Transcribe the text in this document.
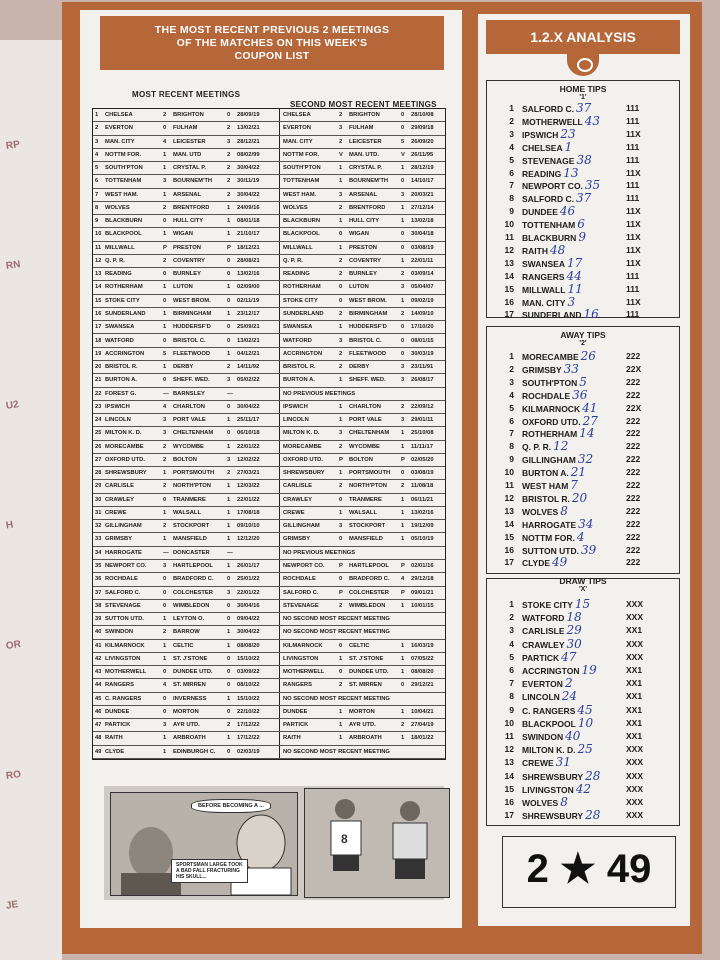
RP
RN
U2
H
OR
RO
JE
THE MOST RECENT PREVIOUS 2 MEETINGS
OF THE MATCHES ON THIS WEEK'S
COUPON LIST
MOST RECENT MEETINGS
SECOND MOST RECENT MEETINGS
1 CHELSEA	2 BRIGHTON	0 28/09/19	CHELSEA	2 BRIGHTON	0 28/10/08
2 EVERTON	0 FULHAM	2 13/02/21	EVERTON	3 FULHAM	0 29/09/18
3 MAN. CITY	4 LEICESTER	3 28/12/21	MAN. CITY	2 LEICESTER	5 26/09/20
4 NOTTM FOR.	1 MAN. UTD	2 08/02/99	NOTTM FOR.	V MAN. UTD.	V 26/11/95
5 SOUTH'PTON	1 CRYSTAL P.	2 30/04/22	SOUTH'PTON	1 CRYSTAL P.	1 28/12/19
6 TOTTENHAM	3 BOURNEM'TH	2 30/11/19	TOTTENHAM	1 BOURNEM'TH 0 14/10/17
7 WEST HAM.	1 ARSENAL	2 30/04/22	WEST HAM.	3 ARSENAL	3 20/03/21
8 WOLVES	2 BRENTFORD	1 24/09/16	WOLVES	2 BRENTFORD	1 27/12/14
9 BLACKBURN	0 HULL CITY	1 08/01/18	BLACKBURN	1 HULL CITY	1 13/02/18
10 BLACKPOOL	1 WIGAN	1 21/10/17	BLACKPOOL	0 WIGAN	0 30/04/18
11 MILLWALL	P PRESTON	P 18/12/21	MILLWALL	1 PRESTON	0 03/08/19
12 Q. P. R.	2 COVENTRY	0 28/08/21	Q. P. R.	2 COVENTRY	1 22/01/11
13 READING	0 BURNLEY	0 13/02/16	READING	2 BURNLEY	2 03/09/14
14 ROTHERHAM	1 LUTON	1 02/09/00	ROTHERHAM	0 LUTON	3 05/04/07
15 STOKE CITY	0 WEST BROM.	0 02/11/19	STOKE CITY	0 WEST BROM. 1 09/02/19
16 SUNDERLAND	1 BIRMINGHAM	1 23/12/17	SUNDERLAND	2 BIRMINGHAM 2 14/09/10
17 SWANSEA	1 HUDDERSF'D	0 25/09/21	SWANSEA	1 HUDDERSF'D 0 17/10/20
18 WATFORD	0 BRISTOL C.	0 13/02/21	WATFORD	3 BRISTOL C.	0 08/01/15
19 ACCRINGTON	5 FLEETWOOD	1 04/12/21	ACCRINGTON	2 FLEETWOOD	0 30/03/19
20 BRISTOL R.	1 DERBY	2 14/11/92	BRISTOL R.	2 DERBY	3 23/11/91
21 BURTON A.	0 SHEFF. WED.	3 05/02/22	BURTON A.	1 SHEFF. WED.	3 26/08/17
22 FOREST G.	— BARNSLEY	—	NO PREVIOUS MEETINGS
23 IPSWICH	4 CHARLTON	0 30/04/22	IPSWICH	1 CHARLTON	2 22/09/12
24 LINCOLN	3 PORT VALE	1 25/11/17	LINCOLN	1 PORT VALE	3 29/01/11
25 MILTON K. D.	3 CHELTENHAM 0 06/10/18	MILTON K. D.	3 CHELTENHAM 1 25/10/08
26 MORECAMBE	2 WYCOMBE	1 22/01/22	MORECAMBE	2 WYCOMBE	1 11/11/17
27 OXFORD UTD.	2 BOLTON	3 12/02/22	OXFORD UTD.	P BOLTON	P 02/05/20
28 SHREWSBURY	1 PORTSMOUTH 2 27/03/21	SHREWSBURY 1 PORTSMOUTH 0 03/08/19
29 CARLISLE	2 NORTH'PTON	1 12/03/22	CARLISLE	2 NORTH'PTON 2 11/08/18
30 CRAWLEY	0 TRANMERE	1 22/01/22	CRAWLEY	0 TRANMERE	1 06/11/21
31 CREWE	1 WALSALL	1 17/08/18	CREWE	1 WALSALL	1 13/02/16
32 GILLINGHAM	2 STOCKPORT	1 09/10/10	GILLINGHAM	3 STOCKPORT	1 19/12/09
33 GRIMSBY	1 MANSFIELD	1 12/12/20	GRIMSBY	0 MANSFIELD	1 05/10/19
34 HARROGATE	— DONCASTER	—	NO PREVIOUS MEETINGS
35 NEWPORT CO.	3 HARTLEPOOL 1 26/01/17	NEWPORT CO. P HARTLEPOOL P 02/01/16
36 ROCHDALE	0 BRADFORD C. 0 25/01/22	ROCHDALE	0 BRADFORD C. 4 29/12/18
37 SALFORD C.	0 COLCHESTER 3 22/01/22	SALFORD C.	P COLCHESTER P 09/01/21
38 STEVENAGE	0 WIMBLEDON	0 30/04/16	STEVENAGE	2 WIMBLEDON	1 10/01/15
39 SUTTON UTD.	1 LEYTON O.	0 09/04/22	NO SECOND MOST RECENT MEETING
40 SWINDON	2 BARROW	1 30/04/22	NO SECOND MOST RECENT MEETING
41 KILMARNOCK	1 CELTIC	1 08/08/20	KILMARNOCK	0 CELTIC	1 16/03/19
42 LIVINGSTON	1 ST. J'STONE	0 15/10/22	LIVINGSTON	1 ST. J'STONE	1 07/05/22
43 MOTHERWELL	0 DUNDEE UTD. 0 03/09/22	MOTHERWELL	0 DUNDEE UTD. 1 08/08/20
44 RANGERS	4 ST. MIRREN	0 08/10/22	RANGERS	2 ST. MIRREN	0 29/12/21
45 C. RANGERS	0 INVERNESS	1 15/10/22	NO SECOND MOST RECENT MEETING
46 DUNDEE	0 MORTON	0 22/10/22	DUNDEE	1 MORTON	1 10/04/21
47 PARTICK	3 AYR UTD.	2 17/12/22	PARTICK	1 AYR UTD.	2 27/04/19
48 RAITH	1 ARBROATH	1 17/12/22	RAITH	1 ARBROATH	1 18/01/22
49 CLYDE	1 EDINBURGH C. 0 02/03/19	NO SECOND MOST RECENT MEETING
BEFORE BECOMING A ...
SPORTSMAN LARGE TOOK
A BAD FALL FRACTURING
HIS SKULL...
8
1.2.X ANALYSIS
HOME TIPS
'1'
1 SALFORD C. 37	111
2 MOTHERWELL 43	111
3 IPSWICH 23	11X
4 CHELSEA 1	111
5 STEVENAGE 38	111
6 READING 13	11X
7 NEWPORT CO. 35	111
8 SALFORD C. 37	111
9 DUNDEE 46	11X
10 TOTTENHAM 6	11X
11 BLACKBURN 9	11X
12 RAITH 48	11X
13 SWANSEA 17	11X
14 RANGERS 44	111
15 MILLWALL 11	111
16 MAN. CITY 3	11X
17 SUNDERLAND 16	111
AWAY TIPS
'2'
1 MORECAMBE 26	222
2 GRIMSBY 33	22X
3 SOUTH'PTON 5	222
4 ROCHDALE 36	222
5 KILMARNOCK 41	22X
6 OXFORD UTD. 27	222
7 ROTHERHAM 14	222
8 Q. P. R. 12	222
9 GILLINGHAM 32	222
10 BURTON A. 21	222
11 WEST HAM 7	222
12 BRISTOL R. 20	222
13 WOLVES 8	222
14 HARROGATE 34	222
15 NOTTM FOR. 4	222
16 SUTTON UTD. 39	222
17 CLYDE 49	222
DRAW TIPS
'X'
1 STOKE CITY 15	XXX
2 WATFORD 18	XXX
3 CARLISLE 29	XX1
4 CRAWLEY 30	XXX
5 PARTICK 47	XXX
6 ACCRINGTON 19	XX1
7 EVERTON 2	XX1
8 LINCOLN 24	XX1
9 C. RANGERS 45	XX1
10 BLACKPOOL 10	XX1
11 SWINDON 40	XX1
12 MILTON K. D. 25	XXX
13 CREWE 31	XXX
14 SHREWSBURY 28	XXX
15 LIVINGSTON 42	XXX
16 WOLVES 8	XXX
17 SHREWSBURY 28	XXX
2 ★ 49
